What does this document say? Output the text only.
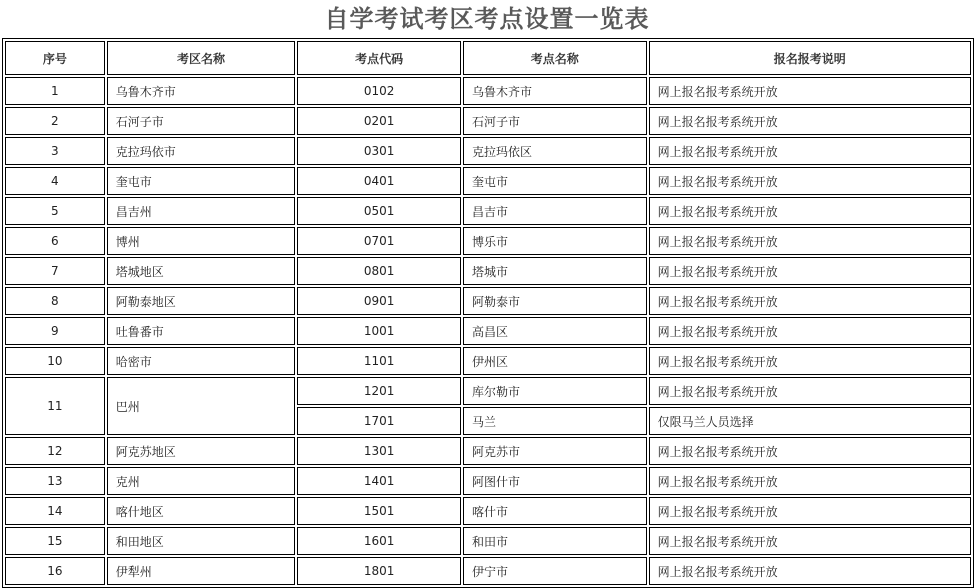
自学考试考区考点设置一览表
序号	考区名称	考点代码	考点名称	报名报考说明
1	乌鲁木齐市	0102	乌鲁木齐市	网上报名报考系统开放
2	石河子市	0201	石河子市	网上报名报考系统开放
3	克拉玛依市	0301	克拉玛依区	网上报名报考系统开放
4	奎屯市	0401	奎屯市	网上报名报考系统开放
5	昌吉州	0501	昌吉市	网上报名报考系统开放
6	博州	0701	博乐市	网上报名报考系统开放
7	塔城地区	0801	塔城市	网上报名报考系统开放
8	阿勒泰地区	0901	阿勒泰市	网上报名报考系统开放
9	吐鲁番市	1001	高昌区	网上报名报考系统开放
10	哈密市	1101	伊州区	网上报名报考系统开放
11	巴州	1201	库尔勒市	网上报名报考系统开放
		1701	马兰	仅限马兰人员选择
12	阿克苏地区	1301	阿克苏市	网上报名报考系统开放
13	克州	1401	阿图什市	网上报名报考系统开放
14	喀什地区	1501	喀什市	网上报名报考系统开放
15	和田地区	1601	和田市	网上报名报考系统开放
16	伊犁州	1801	伊宁市	网上报名报考系统开放
